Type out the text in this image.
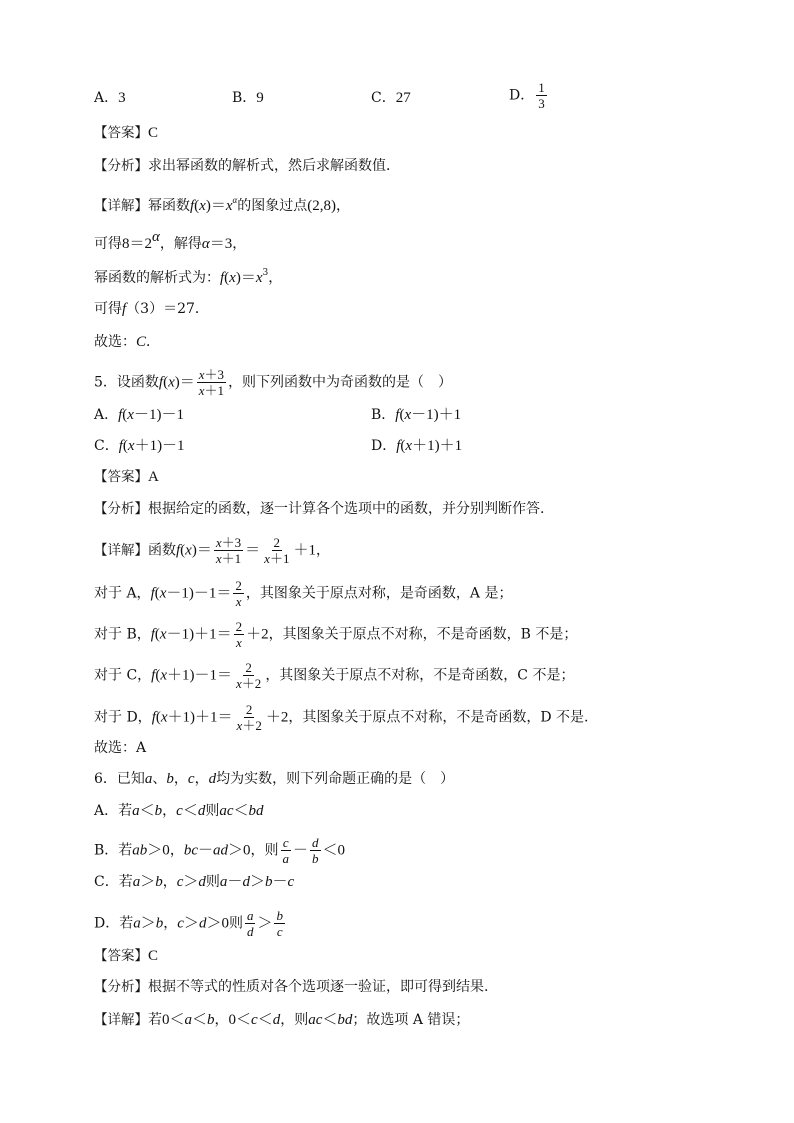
A．3	B．9	C．27	D． $\frac{1}{3}$
【答案】C
【分析】求出幂函数的解析式，然后求解函数值．
【详解】幂函数$f(x)=x^\alpha$的图象过点(2,8)，
可得$8=2^\alpha$，解得α＝3，
幂函数的解析式为：$f(x)=x^3$，
可得f（3）＝27．
故选：C．
5．设函数$f(x)= \frac{x+3}{x+1}$ ，则下列函数中为奇函数的是（　）
A．f(x－1)－1	B．f(x－1)＋1
C．f(x＋1)－1	D．f(x＋1)＋1
【答案】A
【分析】根据给定的函数，逐一计算各个选项中的函数，并分别判断作答.
【详解】函数$f(x)= \frac{x+3}{x+1} = \frac{2}{x+1} +1$，
对于 A，$f(x-1)-1= \frac{2}{x}$ ，其图象关于原点对称，是奇函数，A 是；
对于 B，$f(x-1)+1= \frac{2}{x} +2$，其图象关于原点不对称，不是奇函数，B 不是；
对于 C，$f(x+1)-1= \frac{2}{x+2}$ ，其图象关于原点不对称，不是奇函数，C 不是；
对于 D，$f(x+1)+1= \frac{2}{x+2} +2$，其图象关于原点不对称，不是奇函数，D 不是.
故选：A
6．已知a、b，c，d均为实数，则下列命题正确的是（　）
A．若a＜b，c＜d则ac＜bd
B．若ab＞0，bc－ad＞0，则 $\frac{c}{a} - \frac{d}{b} <0$
C．若a＞b，c＞d则a－d＞b－c
D．若a＞b，c＞d＞0则 $\frac{a}{d} > \frac{b}{c}$
【答案】C
【分析】根据不等式的性质对各个选项逐一验证，即可得到结果.
【详解】若0＜a＜b，0＜c＜d，则ac＜bd；故选项 A 错误；
